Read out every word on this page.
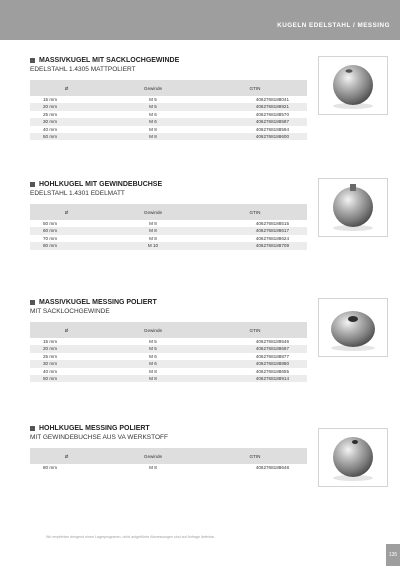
KUGELN EDELSTAHL / MESSING
MASSIVKUGEL MIT SACKLOCHGEWINDE
EDELSTAHL 1.4305 MATTPOLIERT
Ø	Gewinde	GTIN
15 mm	M 5	4062768188041
20 mm	M 5	4062768188921
25 mm	M 6	4062768188570
30 mm	M 6	4062768188587
40 mm	M 8	4062768188594
50 mm	M 8	4062768188600
HOHLKUGEL MIT GEWINDEBUCHSE
EDELSTAHL 1.4301 EDELMATT
Ø	Gewinde	GTIN
50 mm	M 8	4062768188515
60 mm	M 8	4062768188617
70 mm	M 8	4062768188624
80 mm	M 10	4062768188709
MASSIVKUGEL MESSING POLIERT
MIT SACKLOCHGEWINDE
Ø	Gewinde	GTIN
15 mm	M 5	4062768189546
20 mm	M 5	4062768188667
25 mm	M 6	4062768188877
30 mm	M 6	4062768188880
40 mm	M 8	4062768188655
50 mm	M 8	4062768188914
HOHLKUGEL MESSING POLIERT
MIT GEWINDEBUCHSE AUS VA WERKSTOFF
Ø	Gewinde	GTIN
80 mm	M 8	4062768188648
Wir empfehlen dringend einen Lagerprogramm, nicht aufgeführte Abmessungen sind auf Anfrage lieferbar.
135
